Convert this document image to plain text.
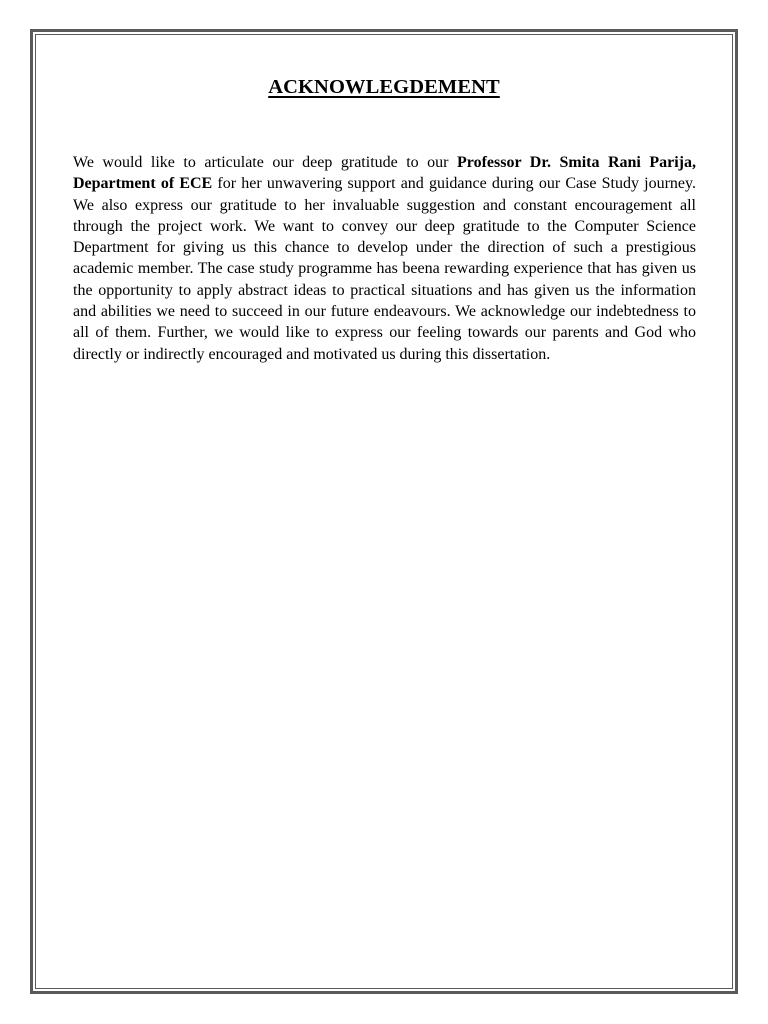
ACKNOWLEGDEMENT

We would like to articulate our deep gratitude to our Professor Dr. Smita Rani Parija, Department of ECE for her unwavering support and guidance during our Case Study journey. We also express our gratitude to her invaluable suggestion and constant encouragement all through the project work. We want to convey our deep gratitude to the Computer Science Department for giving us this chance to develop under the direction of such a prestigious academic member. The case study programme has beena rewarding experience that has given us the opportunity to apply abstract ideas to practical situations and has given us the information and abilities we need to succeed in our future endeavours. We acknowledge our indebtedness to all of them. Further, we would like to express our feeling towards our parents and God who directly or indirectly encouraged and motivated us during this dissertation.
